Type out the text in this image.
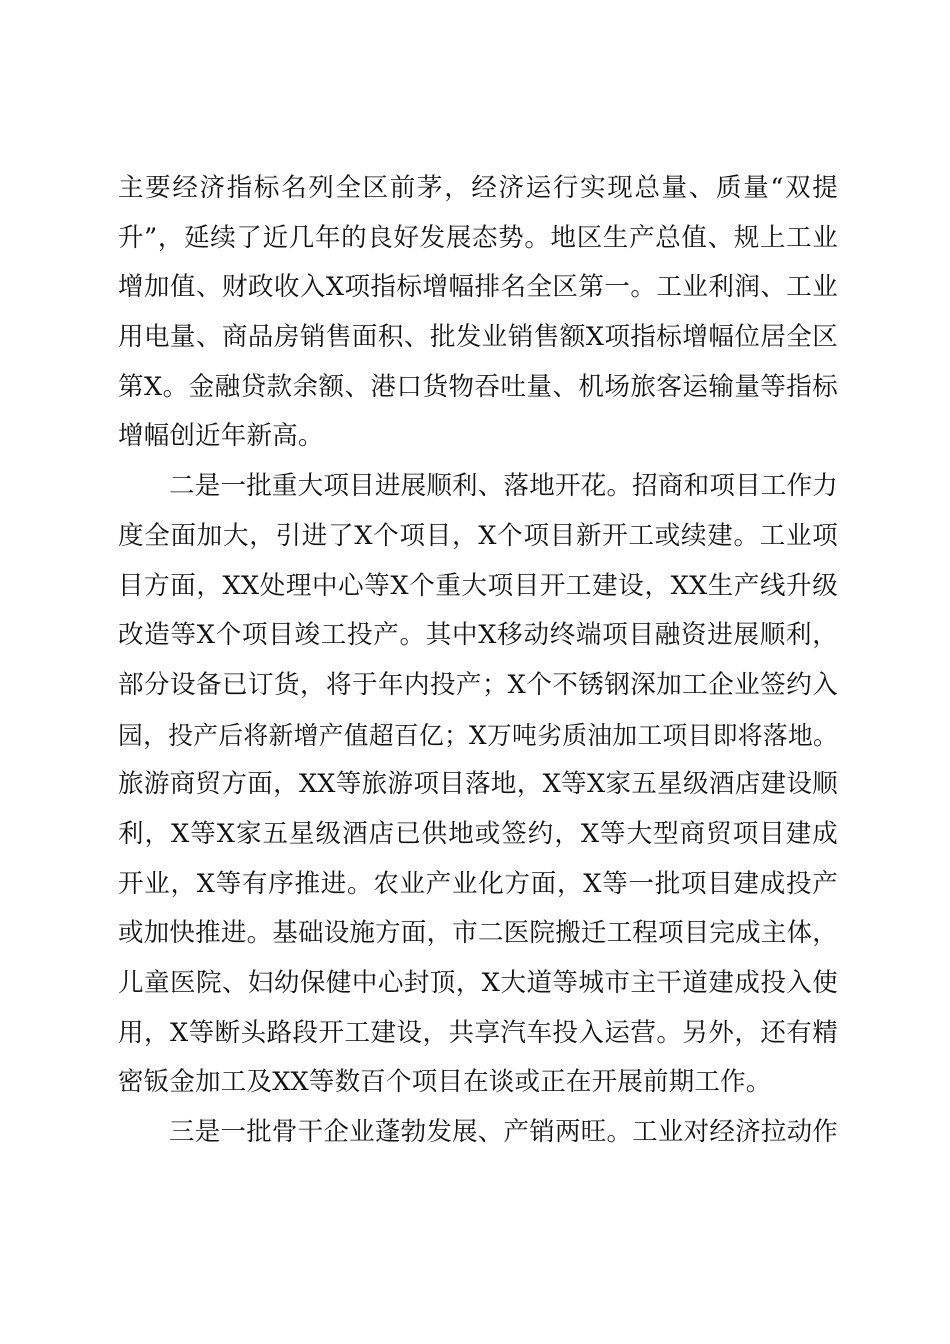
主要经济指标名列全区前茅，经济运行实现总量、质量“双提
升”，延续了近几年的良好发展态势。地区生产总值、规上工业
增加值、财政收入X项指标增幅排名全区第一。工业利润、工业
用电量、商品房销售面积、批发业销售额X项指标增幅位居全区
第X。金融贷款余额、港口货物吞吐量、机场旅客运输量等指标
增幅创近年新高。
二是一批重大项目进展顺利、落地开花。招商和项目工作力
度全面加大，引进了X个项目，X个项目新开工或续建。工业项
目方面，XX处理中心等X个重大项目开工建设，XX生产线升级
改造等X个项目竣工投产。其中X移动终端项目融资进展顺利，
部分设备已订货，将于年内投产；X个不锈钢深加工企业签约入
园，投产后将新增产值超百亿；X万吨劣质油加工项目即将落地。
旅游商贸方面，XX等旅游项目落地，X等X家五星级酒店建设顺
利，X等X家五星级酒店已供地或签约，X等大型商贸项目建成
开业，X等有序推进。农业产业化方面，X等一批项目建成投产
或加快推进。基础设施方面，市二医院搬迁工程项目完成主体，
儿童医院、妇幼保健中心封顶，X大道等城市主干道建成投入使
用，X等断头路段开工建设，共享汽车投入运营。另外，还有精
密钣金加工及XX等数百个项目在谈或正在开展前期工作。
三是一批骨干企业蓬勃发展、产销两旺。工业对经济拉动作
